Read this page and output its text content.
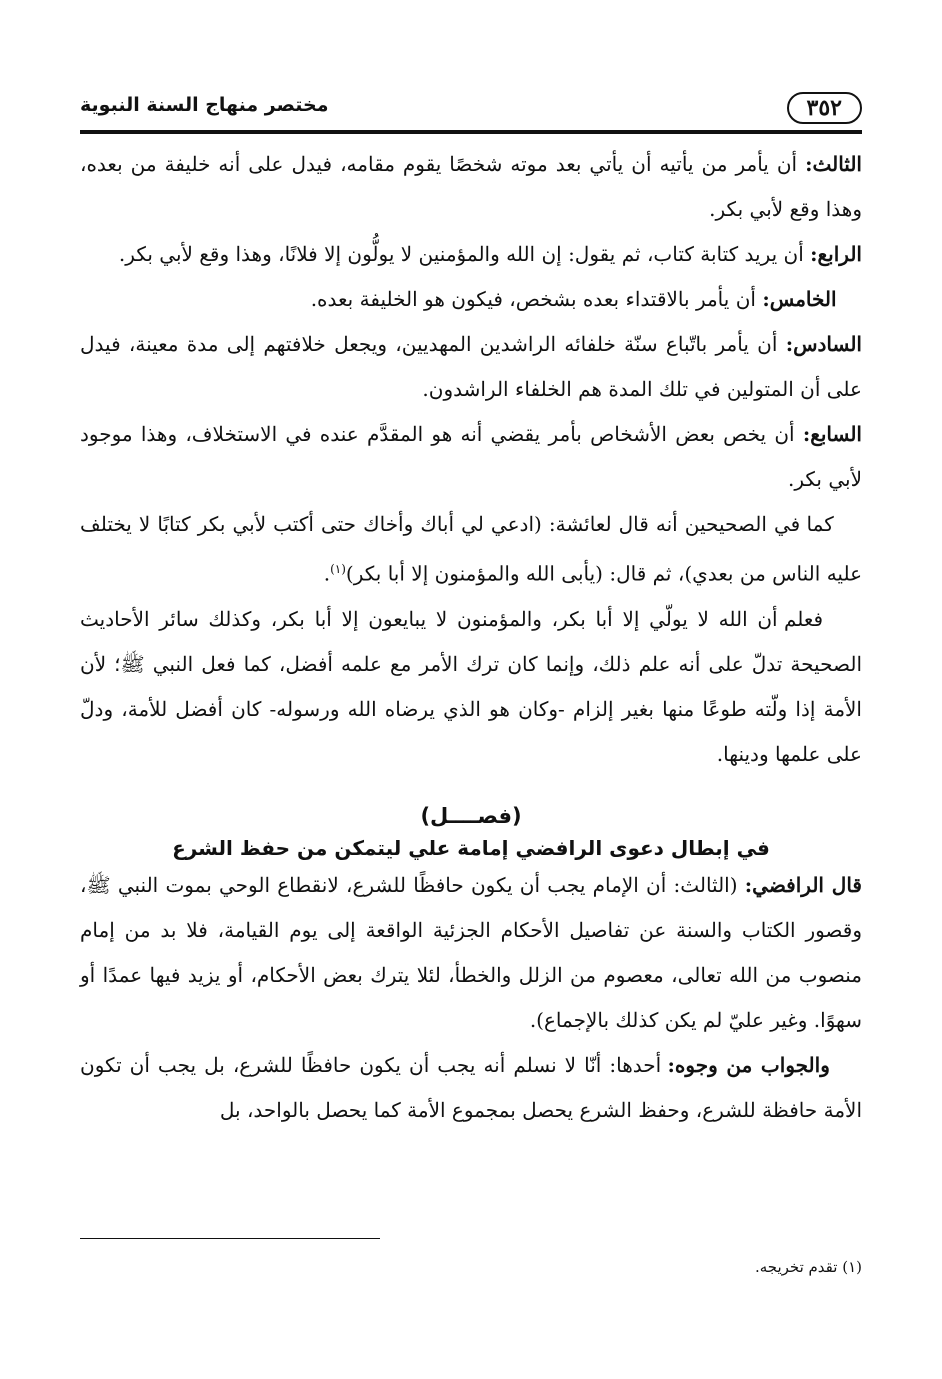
٣٥٢
مختصر منهاج السنة النبوية

الثالث: أن يأمر من يأتيه أن يأتي بعد موته شخصًا يقوم مقامه، فيدل على أنه خليفة من بعده، وهذا وقع لأبي بكر.

الرابع: أن يريد كتابة كتاب، ثم يقول: إن الله والمؤمنين لا يولُّون إلا فلانًا، وهذا وقع لأبي بكر.

الخامس: أن يأمر بالاقتداء بعده بشخص، فيكون هو الخليفة بعده.

السادس: أن يأمر باتّباع سنّة خلفائه الراشدين المهديين، ويجعل خلافتهم إلى مدة معينة، فيدل على أن المتولين في تلك المدة هم الخلفاء الراشدون.

السابع: أن يخص بعض الأشخاص بأمر يقضي أنه هو المقدَّم عنده في الاستخلاف، وهذا موجود لأبي بكر.

كما في الصحيحين أنه قال لعائشة: (ادعي لي أباك وأخاك حتى أكتب لأبي بكر كتابًا لا يختلف عليه الناس من بعدي)، ثم قال: (يأبى الله والمؤمنون إلا أبا بكر)$^{(١)}$.

فعلم أن الله لا يولّي إلا أبا بكر، والمؤمنون لا يبايعون إلا أبا بكر، وكذلك سائر الأحاديث الصحيحة تدلّ على أنه علم ذلك، وإنما كان ترك الأمر مع علمه أفضل، كما فعل النبي ﷺ؛ لأن الأمة إذا ولّته طوعًا منها بغير إلزام -وكان هو الذي يرضاه الله ورسوله- كان أفضل للأمة، ودلّ على علمها ودينها.

(فصــــل)

في إبطال دعوى الرافضي إمامة علي ليتمكن من حفظ الشرع

قال الرافضي: (الثالث: أن الإمام يجب أن يكون حافظًا للشرع، لانقطاع الوحي بموت النبي ﷺ، وقصور الكتاب والسنة عن تفاصيل الأحكام الجزئية الواقعة إلى يوم القيامة، فلا بد من إمام منصوب من الله تعالى، معصوم من الزلل والخطأ، لئلا يترك بعض الأحكام، أو يزيد فيها عمدًا أو سهوًا. وغير عليّ لم يكن كذلك بالإجماع).

والجواب من وجوه: أحدها: أنّا لا نسلم أنه يجب أن يكون حافظًا للشرع، بل يجب أن تكون الأمة حافظة للشرع، وحفظ الشرع يحصل بمجموع الأمة كما يحصل بالواحد، بل

(١) تقدم تخريجه.
